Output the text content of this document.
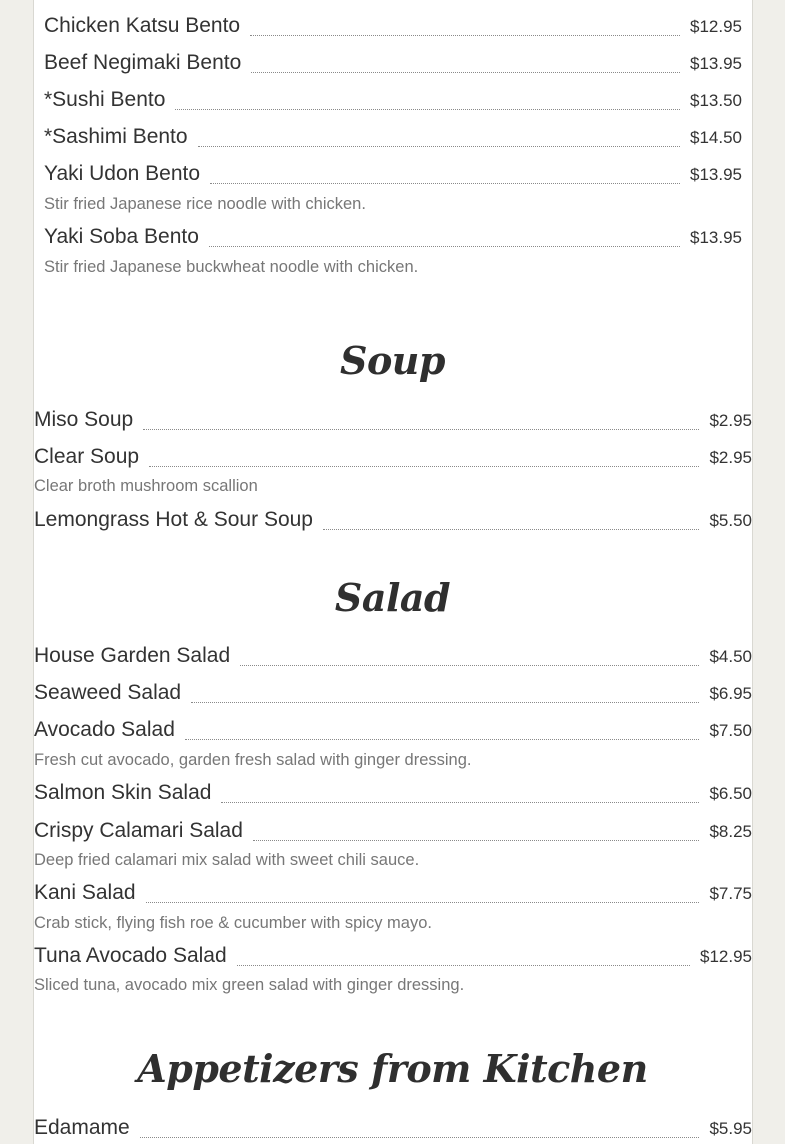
Chicken Katsu Bento	$12.95
Beef Negimaki Bento	$13.95
*Sushi Bento	$13.50
*Sashimi Bento	$14.50
Yaki Udon Bento	$13.95
Stir fried Japanese rice noodle with chicken.
Yaki Soba Bento	$13.95
Stir fried Japanese buckwheat noodle with chicken.
Soup
Miso Soup	$2.95
Clear Soup	$2.95
Clear broth mushroom scallion
Lemongrass Hot & Sour Soup	$5.50
Salad
House Garden Salad	$4.50
Seaweed Salad	$6.95
Avocado Salad	$7.50
Fresh cut avocado, garden fresh salad with ginger dressing.
Salmon Skin Salad	$6.50
Crispy Calamari Salad	$8.25
Deep fried calamari mix salad with sweet chili sauce.
Kani Salad	$7.75
Crab stick, flying fish roe & cucumber with spicy mayo.
Tuna Avocado Salad	$12.95
Sliced tuna, avocado mix green salad with ginger dressing.
Appetizers from Kitchen
Edamame	$5.95
